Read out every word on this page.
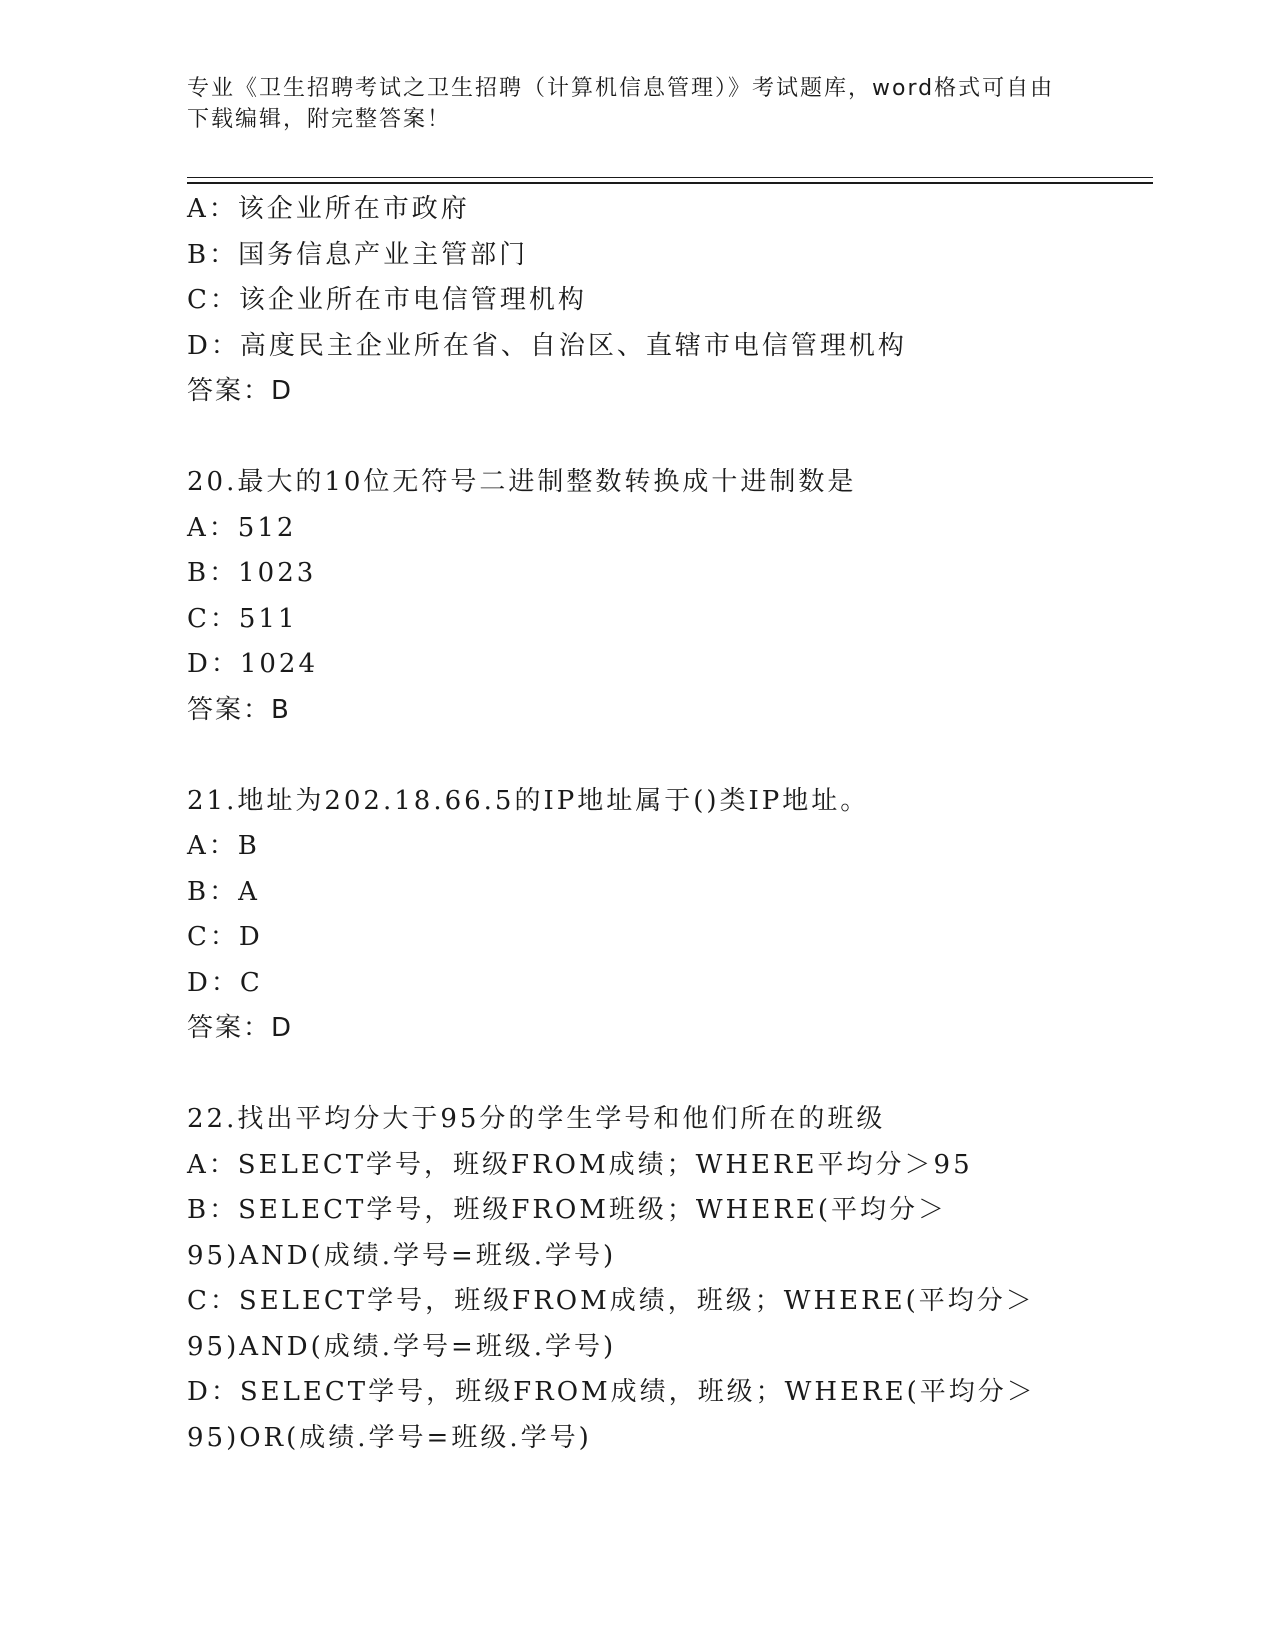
专业《卫生招聘考试之卫生招聘（计算机信息管理）》考试题库，word格式可自由下载编辑，附完整答案！
A：该企业所在市政府
B：国务信息产业主管部门
C：该企业所在市电信管理机构
D：高度民主企业所在省、自治区、直辖市电信管理机构
答案：D
20.最大的10位无符号二进制整数转换成十进制数是
A：512
B：1023
C：511
D：1024
答案：B
21.地址为202.18.66.5的IP地址属于()类IP地址。
A：B
B：A
C：D
D：C
答案：D
22.找出平均分大于95分的学生学号和他们所在的班级
A：SELECT学号，班级FROM成绩；WHERE平均分＞95
B：SELECT学号，班级FROM班级；WHERE(平均分＞95)AND(成绩.学号=班级.学号)
C：SELECT学号，班级FROM成绩，班级；WHERE(平均分＞95)AND(成绩.学号=班级.学号)
D：SELECT学号，班级FROM成绩，班级；WHERE(平均分＞95)OR(成绩.学号=班级.学号)
